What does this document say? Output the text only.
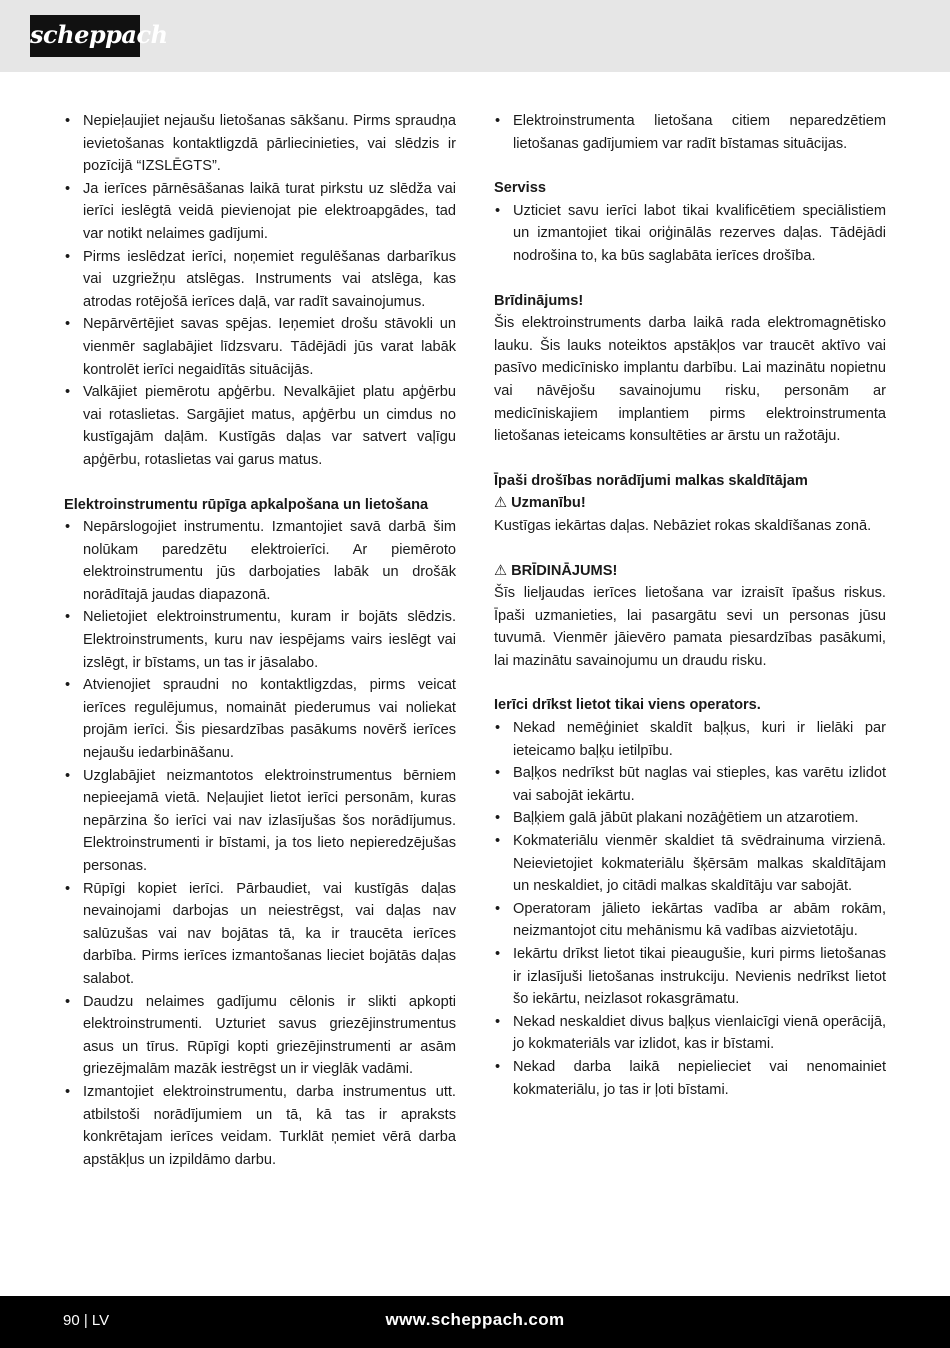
scheppach
• Nepieļaujiet nejaušu lietošanas sākšanu. Pirms spraudņa ievietošanas kontaktligzdā pārliecinieties, vai slēdzis ir pozīcijā “IZSLĒGTS”.
• Ja ierīces pārnēsāšanas laikā turat pirkstu uz slēdža vai ierīci ieslēgtā veidā pievienojat pie elektroapgādes, tad var notikt nelaimes gadījumi.
• Pirms ieslēdzat ierīci, noņemiet regulēšanas darbarīkus vai uzgriežņu atslēgas. Instruments vai atslēga, kas atrodas rotējošā ierīces daļā, var radīt savainojumus.
• Nepārvērtējiet savas spējas. Ieņemiet drošu stāvokli un vienmēr saglabājiet līdzsvaru. Tādējādi jūs varat labāk kontrolēt ierīci negaidītās situācijās.
• Valkājiet piemērotu apģērbu. Nevalkājiet platu apģērbu vai rotaslietas. Sargājiet matus, apģērbu un cimdus no kustīgajām daļām. Kustīgās daļas var satvert vaļīgu apģērbu, rotaslietas vai garus matus.

Elektroinstrumentu rūpīga apkalpošana un lietošana

• Nepārslogojiet instrumentu. Izmantojiet savā darbā šim nolūkam paredzētu elektroierīci. Ar piemēroto elektroinstrumentu jūs darbojaties labāk un drošāk norādītajā jaudas diapazonā.
• Nelietojiet elektroinstrumentu, kuram ir bojāts slēdzis. Elektroinstruments, kuru nav iespējams vairs ieslēgt vai izslēgt, ir bīstams, un tas ir jāsalabo.
• Atvienojiet spraudni no kontaktligzdas, pirms veicat ierīces regulējumus, nomaināt piederumus vai noliekat projām ierīci. Šis piesardzības pasākums novērš ierīces nejaušu iedarbināšanu.
• Uzglabājiet neizmantotos elektroinstrumentus bērniem nepieejamā vietā. Neļaujiet lietot ierīci personām, kuras nepārzina šo ierīci vai nav izlasījušas šos norādījumus. Elektroinstrumenti ir bīstami, ja tos lieto nepieredzējušas personas.
• Rūpīgi kopiet ierīci. Pārbaudiet, vai kustīgās daļas nevainojami darbojas un neiestrēgst, vai daļas nav salūzušas vai nav bojātas tā, ka ir traucēta ierīces darbība. Pirms ierīces izmantošanas lieciet bojātās daļas salabot.
• Daudzu nelaimes gadījumu cēlonis ir slikti apkopti elektroinstrumenti. Uzturiet savus griezējinstrumentus asus un tīrus. Rūpīgi kopti griezējinstrumenti ar asām griezējmalām mazāk iestrēgst un ir vieglāk vadāmi.
• Izmantojiet elektroinstrumentu, darba instrumentus utt. atbilstoši norādījumiem un tā, kā tas ir apraksts konkrētajam ierīces veidam. Turklāt ņemiet vērā darba apstākļus un izpildāmo darbu.
• Elektroinstrumenta lietošana citiem neparedzētiem lietošanas gadījumiem var radīt bīstamas situācijas.

Serviss

• Uzticiet savu ierīci labot tikai kvalificētiem speciālistiem un izmantojiet tikai oriģinālās rezerves daļas. Tādējādi nodrošina to, ka būs saglabāta ierīces drošība.

Brīdinājums!

Šis elektroinstruments darba laikā rada elektromagnētisko lauku. Šis lauks noteiktos apstākļos var traucēt aktīvo vai pasīvo medicīnisko implantu darbību. Lai mazinātu nopietnu vai nāvējošu savainojumu risku, personām ar medicīniskajiem implantiem pirms elektroinstrumenta lietošanas ieteicams konsultēties ar ārstu un ražotāju.

Īpaši drošības norādījumi malkas skaldītājam

⚠ Uzmanību!

Kustīgas iekārtas daļas. Nebāziet rokas skaldīšanas zonā.

⚠ BRĪDINĀJUMS!

Šīs lieljaudas ierīces lietošana var izraisīt īpašus riskus. Īpaši uzmanieties, lai pasargātu sevi un personas jūsu tuvumā. Vienmēr jāievēro pamata piesardzības pasākumi, lai mazinātu savainojumu un draudu risku.

Ierīci drīkst lietot tikai viens operators.

• Nekad nemēģiniet skaldīt baļķus, kuri ir lielāki par ieteicamo baļķu ietilpību.
• Baļķos nedrīkst būt naglas vai stieples, kas varētu izlidot vai sabojāt iekārtu.
• Baļķiem galā jābūt plakani nozāģētiem un atzarotiem.
• Kokmateriālu vienmēr skaldiet tā svēdrainuma virzienā. Neievietojiet kokmateriālu šķērsām malkas skaldītājam un neskaldiet, jo citādi malkas skaldītāju var sabojāt.
• Operatoram jālieto iekārtas vadība ar abām rokām, neizmantojot citu mehānismu kā vadības aizvietotāju.
• Iekārtu drīkst lietot tikai pieaugušie, kuri pirms lietošanas ir izlasījuši lietošanas instrukciju. Nevienis nedrīkst lietot šo iekārtu, neizlasot rokasgrāmatu.
• Nekad neskaldiet divus baļķus vienlaicīgi vienā operācijā, jo kokmateriāls var izlidot, kas ir bīstami.
• Nekad darba laikā nepieliеciet vai nenomainiet kokmateriālu, jo tas ir ļoti bīstami.
90 | LV	www.scheppach.com
